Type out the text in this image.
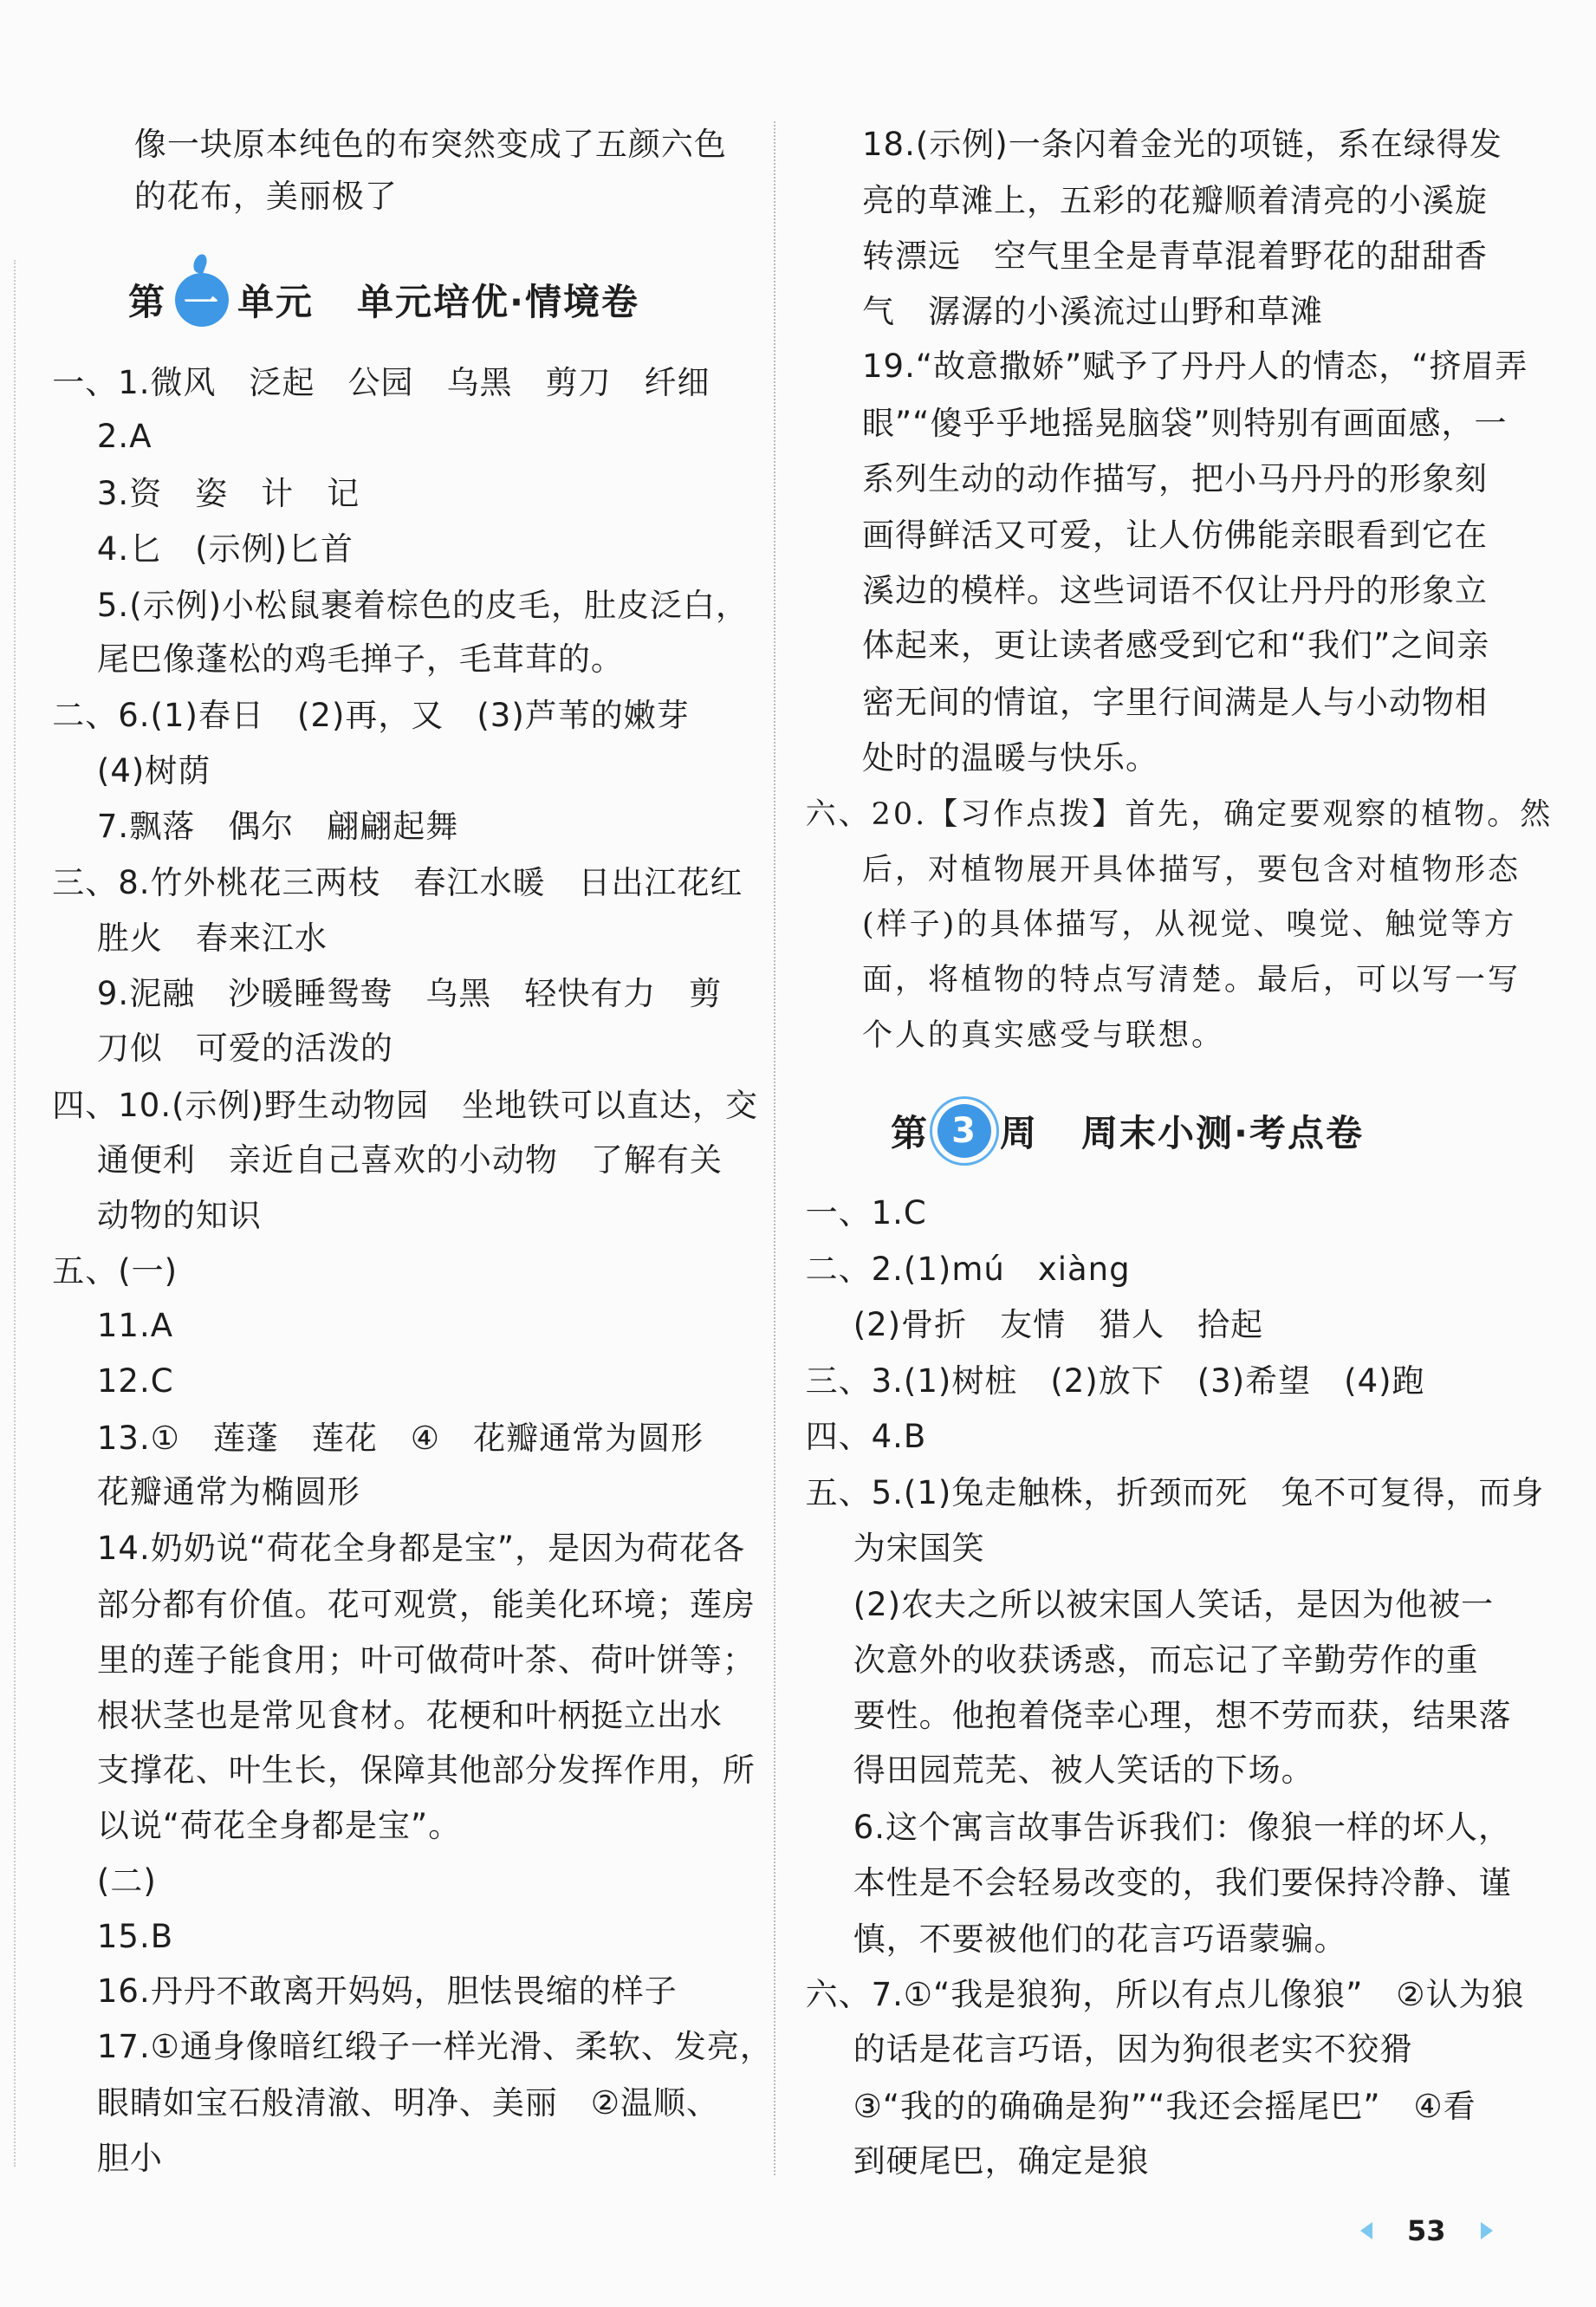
像一块原本纯色的布突然变成了五颜六色
的花布，美丽极了
一、1.微风　泛起　公园　乌黑　剪刀　纤细
2.A
3.资　姿　计　记
4.匕　(示例)匕首
5.(示例)小松鼠裹着棕色的皮毛，肚皮泛白，
尾巴像蓬松的鸡毛掸子，毛茸茸的。
二、6.(1)春日　(2)再，又　(3)芦苇的嫩芽
(4)树荫
7.飘落　偶尔　翩翩起舞
三、8.竹外桃花三两枝　春江水暖　日出江花红
胜火　春来江水
9.泥融　沙暖睡鸳鸯　乌黑　轻快有力　剪
刀似　可爱的活泼的
四、10.(示例)野生动物园　坐地铁可以直达，交
通便利　亲近自己喜欢的小动物　了解有关
动物的知识
五、(一)
11.A
12.C
13.①　莲蓬　莲花　④　花瓣通常为圆形
花瓣通常为椭圆形
14.奶奶说“荷花全身都是宝”，是因为荷花各
部分都有价值。花可观赏，能美化环境；莲房
里的莲子能食用；叶可做荷叶茶、荷叶饼等；
根状茎也是常见食材。花梗和叶柄挺立出水
支撑花、叶生长，保障其他部分发挥作用，所
以说“荷花全身都是宝”。
(二)
15.B
16.丹丹不敢离开妈妈，胆怯畏缩的样子
17.①通身像暗红缎子一样光滑、柔软、发亮，
眼睛如宝石般清澈、明净、美丽　②温顺、
胆小
18.(示例)一条闪着金光的项链，系在绿得发
亮的草滩上，五彩的花瓣顺着清亮的小溪旋
转漂远　空气里全是青草混着野花的甜甜香
气　潺潺的小溪流过山野和草滩
19.“故意撒娇”赋予了丹丹人的情态，“挤眉弄
眼”“傻乎乎地摇晃脑袋”则特别有画面感，一
系列生动的动作描写，把小马丹丹的形象刻
画得鲜活又可爱，让人仿佛能亲眼看到它在
溪边的模样。这些词语不仅让丹丹的形象立
体起来，更让读者感受到它和“我们”之间亲
密无间的情谊，字里行间满是人与小动物相
处时的温暖与快乐。
六、20.【习作点拨】首先，确定要观察的植物。然
后，对植物展开具体描写，要包含对植物形态
(样子)的具体描写，从视觉、嗅觉、触觉等方
面，将植物的特点写清楚。最后，可以写一写
个人的真实感受与联想。
一、1.C
二、2.(1)mú　xiàng
(2)骨折　友情　猎人　拾起
三、3.(1)树桩　(2)放下　(3)希望　(4)跑
四、4.B
五、5.(1)兔走触株，折颈而死　兔不可复得，而身
为宋国笑
(2)农夫之所以被宋国人笑话，是因为他被一
次意外的收获诱惑，而忘记了辛勤劳作的重
要性。他抱着侥幸心理，想不劳而获，结果落
得田园荒芜、被人笑话的下场。
6.这个寓言故事告诉我们：像狼一样的坏人，
本性是不会轻易改变的，我们要保持冷静、谨
慎，不要被他们的花言巧语蒙骗。
六、7.①“我是狼狗，所以有点儿像狼”　②认为狼
的话是花言巧语，因为狗很老实不狡猾
③“我的的确确是狗”“我还会摇尾巴”　④看
到硬尾巴，确定是狼
第 一 单元 单元培优·情境卷
第 3 周 周末小测·考点卷
53
